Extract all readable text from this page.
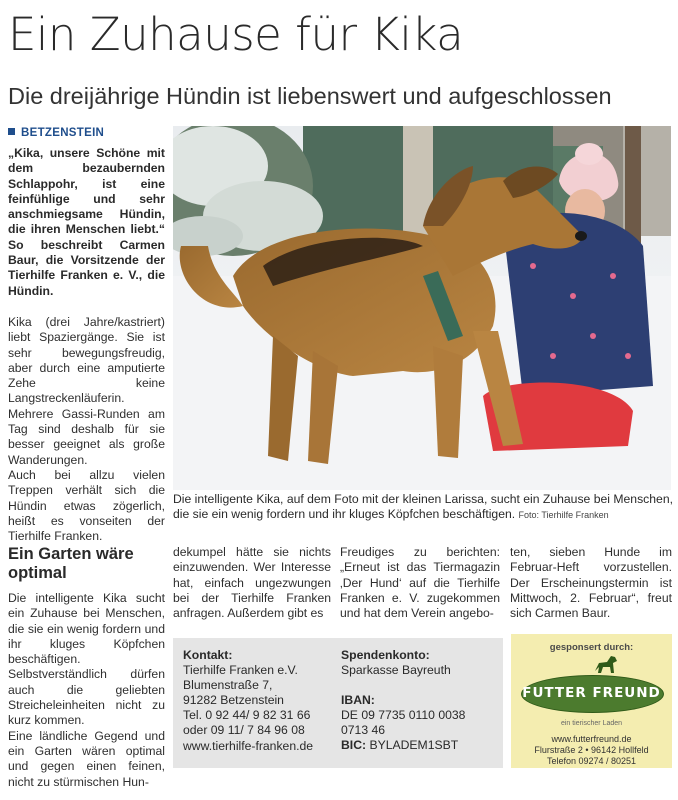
Ein Zuhause für Kika
Die dreijährige Hündin ist liebenswert und aufgeschlossen
BETZENSTEIN

„Kika, unsere Schöne mit dem bezaubernden Schlappohr, ist eine feinfühlige und sehr anschmiegsame Hündin, die ihren Menschen liebt.“ So beschreibt Carmen Baur, die Vorsitzende der Tierhilfe Franken e. V., die Hündin.

Kika (drei Jahre/kastriert) liebt Spaziergänge. Sie ist sehr bewegungsfreudig, aber durch eine amputierte Zehe keine Langstreckenläuferin. Mehrere Gassi-Runden am Tag sind deshalb für sie besser geeignet als große Wanderungen.

Auch bei allzu vielen Treppen verhält sich die Hündin etwas zögerlich, heißt es vonseiten der Tierhilfe Franken.

Die intelligente Kika, auf dem Foto mit der kleinen Larissa, sucht ein Zuhause bei Menschen, die sie ein wenig fordern und ihr kluges Köpfchen beschäftigen. Foto: Tierhilfe Franken
Ein Garten wäre optimal

Die intelligente Kika sucht ein Zuhause bei Menschen, die sie ein wenig fordern und ihr kluges Köpfchen beschäftigen. Selbstverständlich dürfen auch die geliebten Streicheleinheiten nicht zu kurz kommen.

Eine ländliche Gegend und ein Garten wären optimal und gegen einen feinen, nicht zu stürmischen Hun-

dekumpel hätte sie nichts einzuwenden. Wer Interesse hat, einfach ungezwungen bei der Tierhilfe Franken anfragen. Außerdem gibt es

Freudiges zu berichten: „Erneut ist das Tiermagazin ‚Der Hund‘ auf die Tierhilfe Franken e. V. zugekommen und hat dem Verein angebo-

ten, sieben Hunde im Februar-Heft vorzustellen. Der Erscheinungstermin ist Mittwoch, 2. Februar“, freut sich Carmen Baur.

Kontakt:
Tierhilfe Franken e.V.
Blumenstraße 7,
91282 Betzenstein
Tel. 0 92 44/ 9 82 31 66
oder 09 11/ 7 84 96 08
www.tierhilfe-franken.de
Spendenkonto:
Sparkasse Bayreuth
IBAN:
DE 09 7735 0110 0038
0713 46
BIC: BYLADEM1SBT
gesponsert durch:
FUTTER FREUND
ein tierischer Laden
www.futterfreund.de
Flurstraße 2 • 96142 Hollfeld
Telefon 09274 / 80251
